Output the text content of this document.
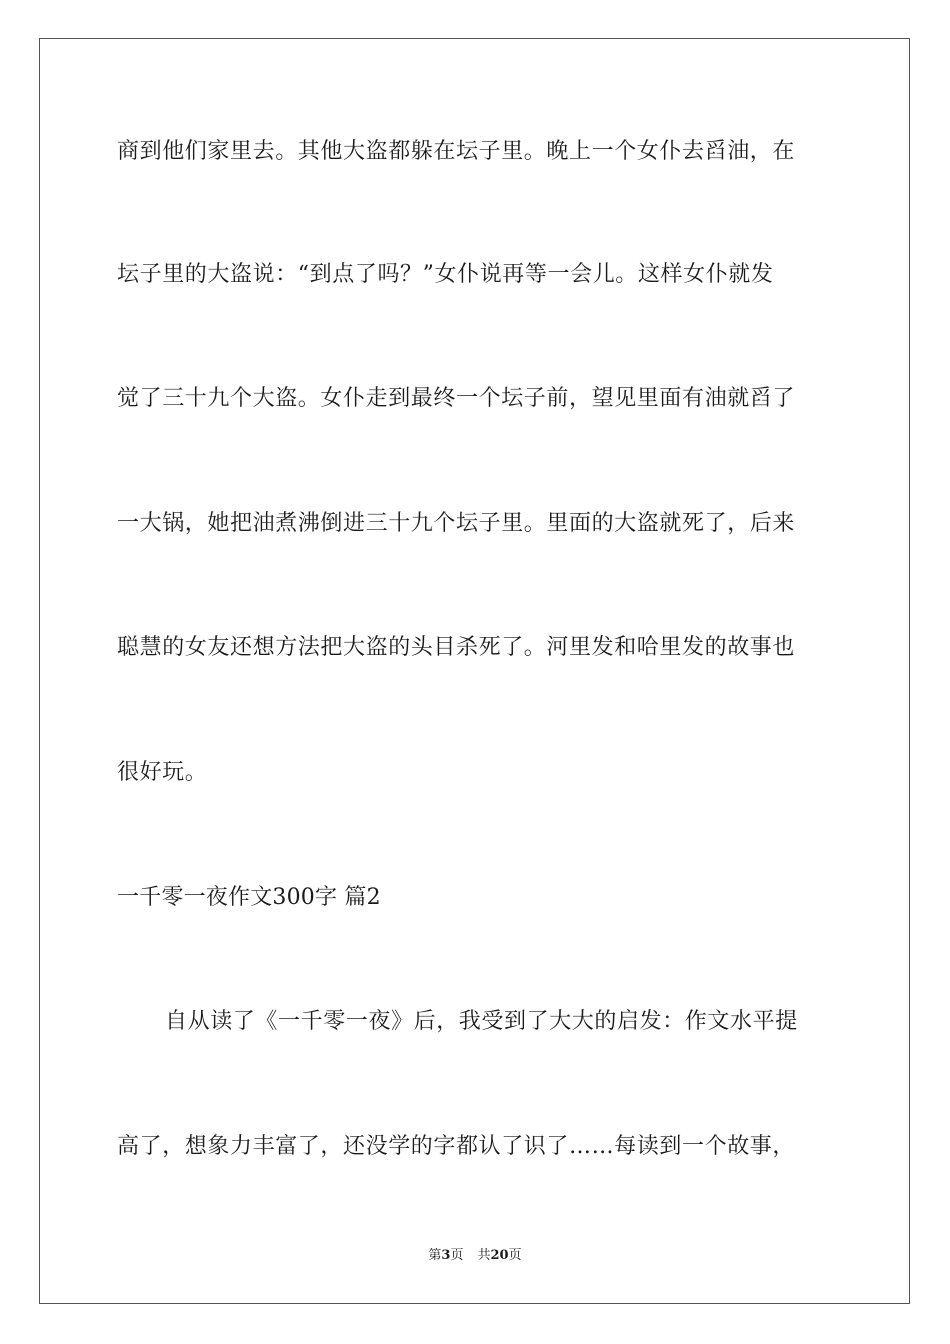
商到他们家里去。其他大盗都躲在坛子里。晚上一个女仆去舀油，在
坛子里的大盗说：“到点了吗？”女仆说再等一会儿。这样女仆就发
觉了三十九个大盗。女仆走到最终一个坛子前，望见里面有油就舀了
一大锅，她把油煮沸倒进三十九个坛子里。里面的大盗就死了，后来
聪慧的女友还想方法把大盗的头目杀死了。河里发和哈里发的故事也
很好玩。
一千零一夜作文300字 篇2
自从读了《一千零一夜》后，我受到了大大的启发：作文水平提
高了，想象力丰富了，还没学的字都认了识了……每读到一个故事，
第3页 共20页
